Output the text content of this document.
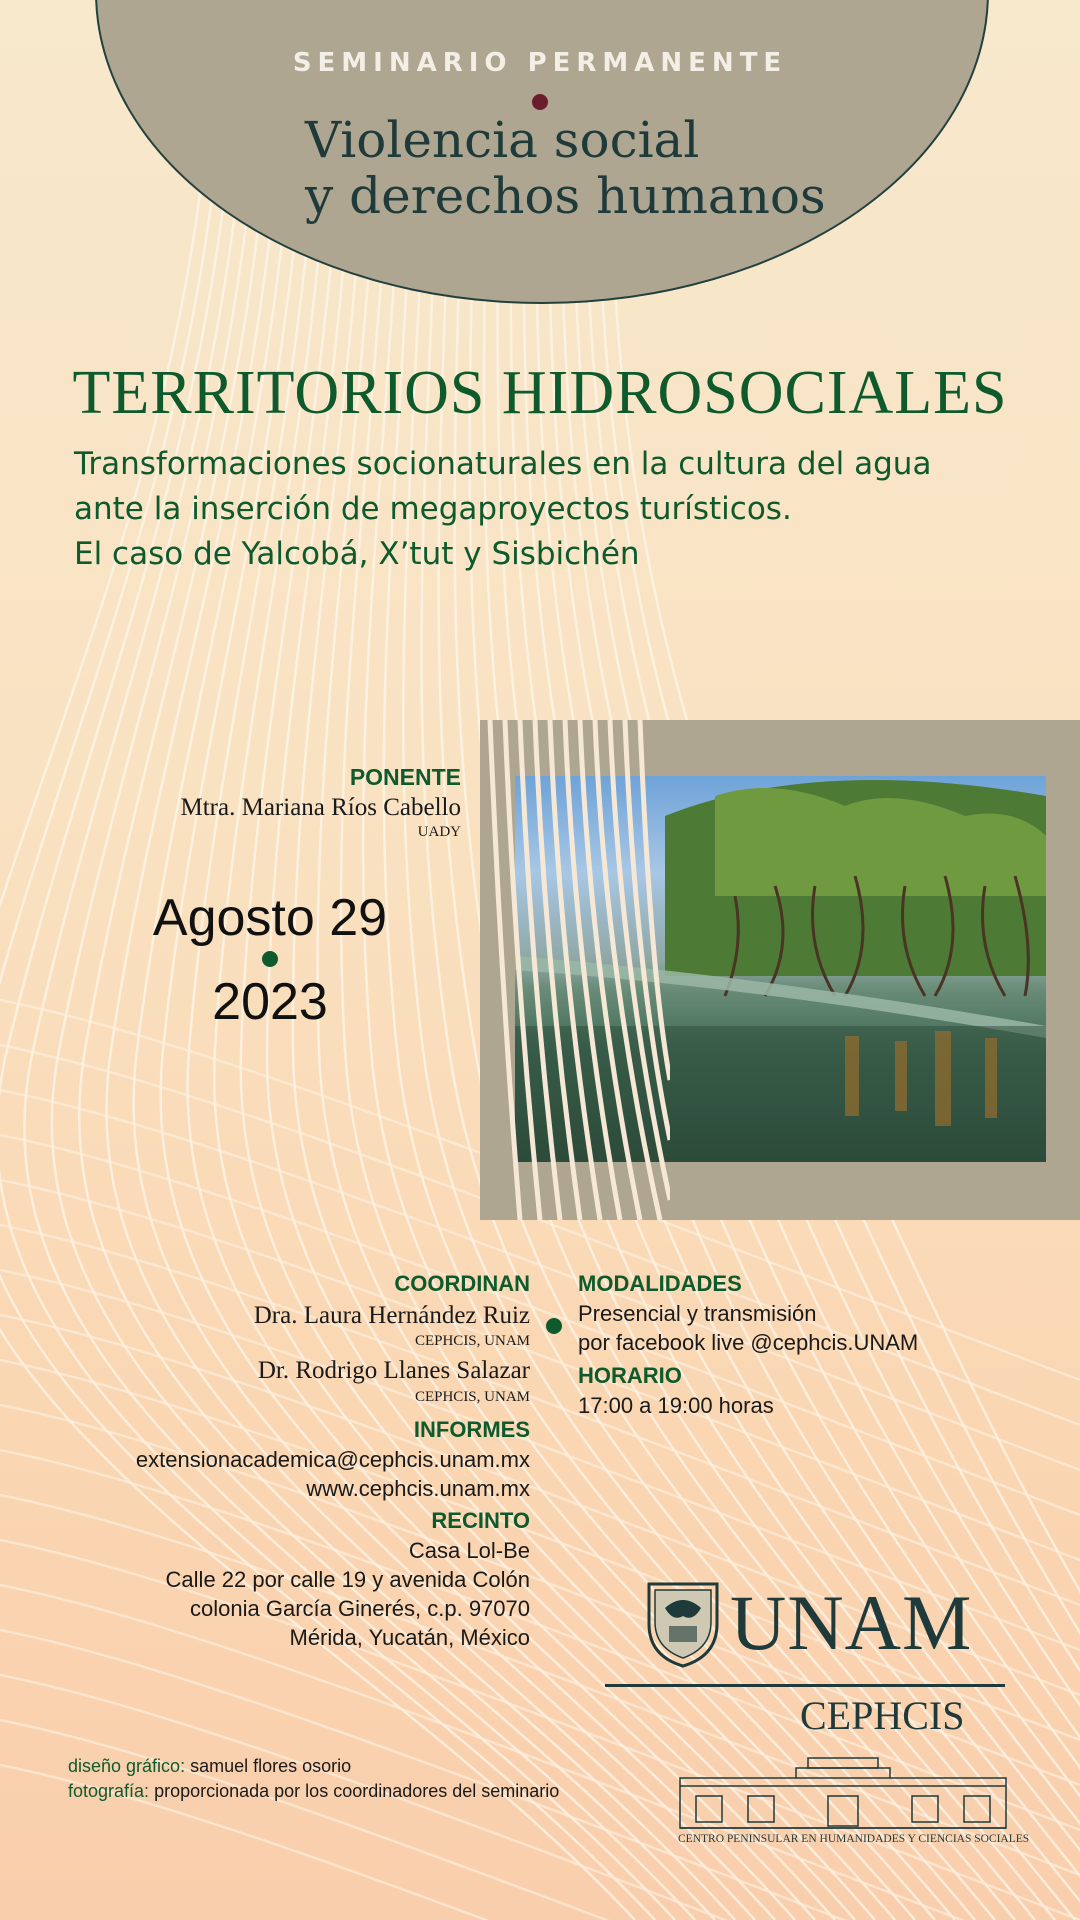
SEMINARIO PERMANENTE
Violencia social
y derechos humanos
TERRITORIOS HIDROSOCIALES
Transformaciones socionaturales en la cultura del agua
ante la inserción de megaproyectos turísticos.
El caso de Yalcobá, X’tut y Sisbichén
PONENTE
Mtra. Mariana Ríos Cabello
UADY
Agosto 29
2023
COORDINAN
Dra. Laura Hernández Ruiz
CEPHCIS, UNAM
Dr. Rodrigo Llanes Salazar
CEPHCIS, UNAM
INFORMES
extensionacademica@cephcis.unam.mx
www.cephcis.unam.mx
RECINTO
Casa Lol-Be
Calle 22 por calle 19 y avenida Colón
colonia García Ginerés, c.p. 97070
Mérida, Yucatán, México
MODALIDADES
Presencial y transmisión
por facebook live @cephcis.UNAM
HORARIO
17:00 a 19:00 horas
UNAM
CEPHCIS
CENTRO PENINSULAR EN HUMANIDADES Y CIENCIAS SOCIALES
diseño gráfico: samuel flores osorio
fotografía: proporcionada por los coordinadores del seminario
